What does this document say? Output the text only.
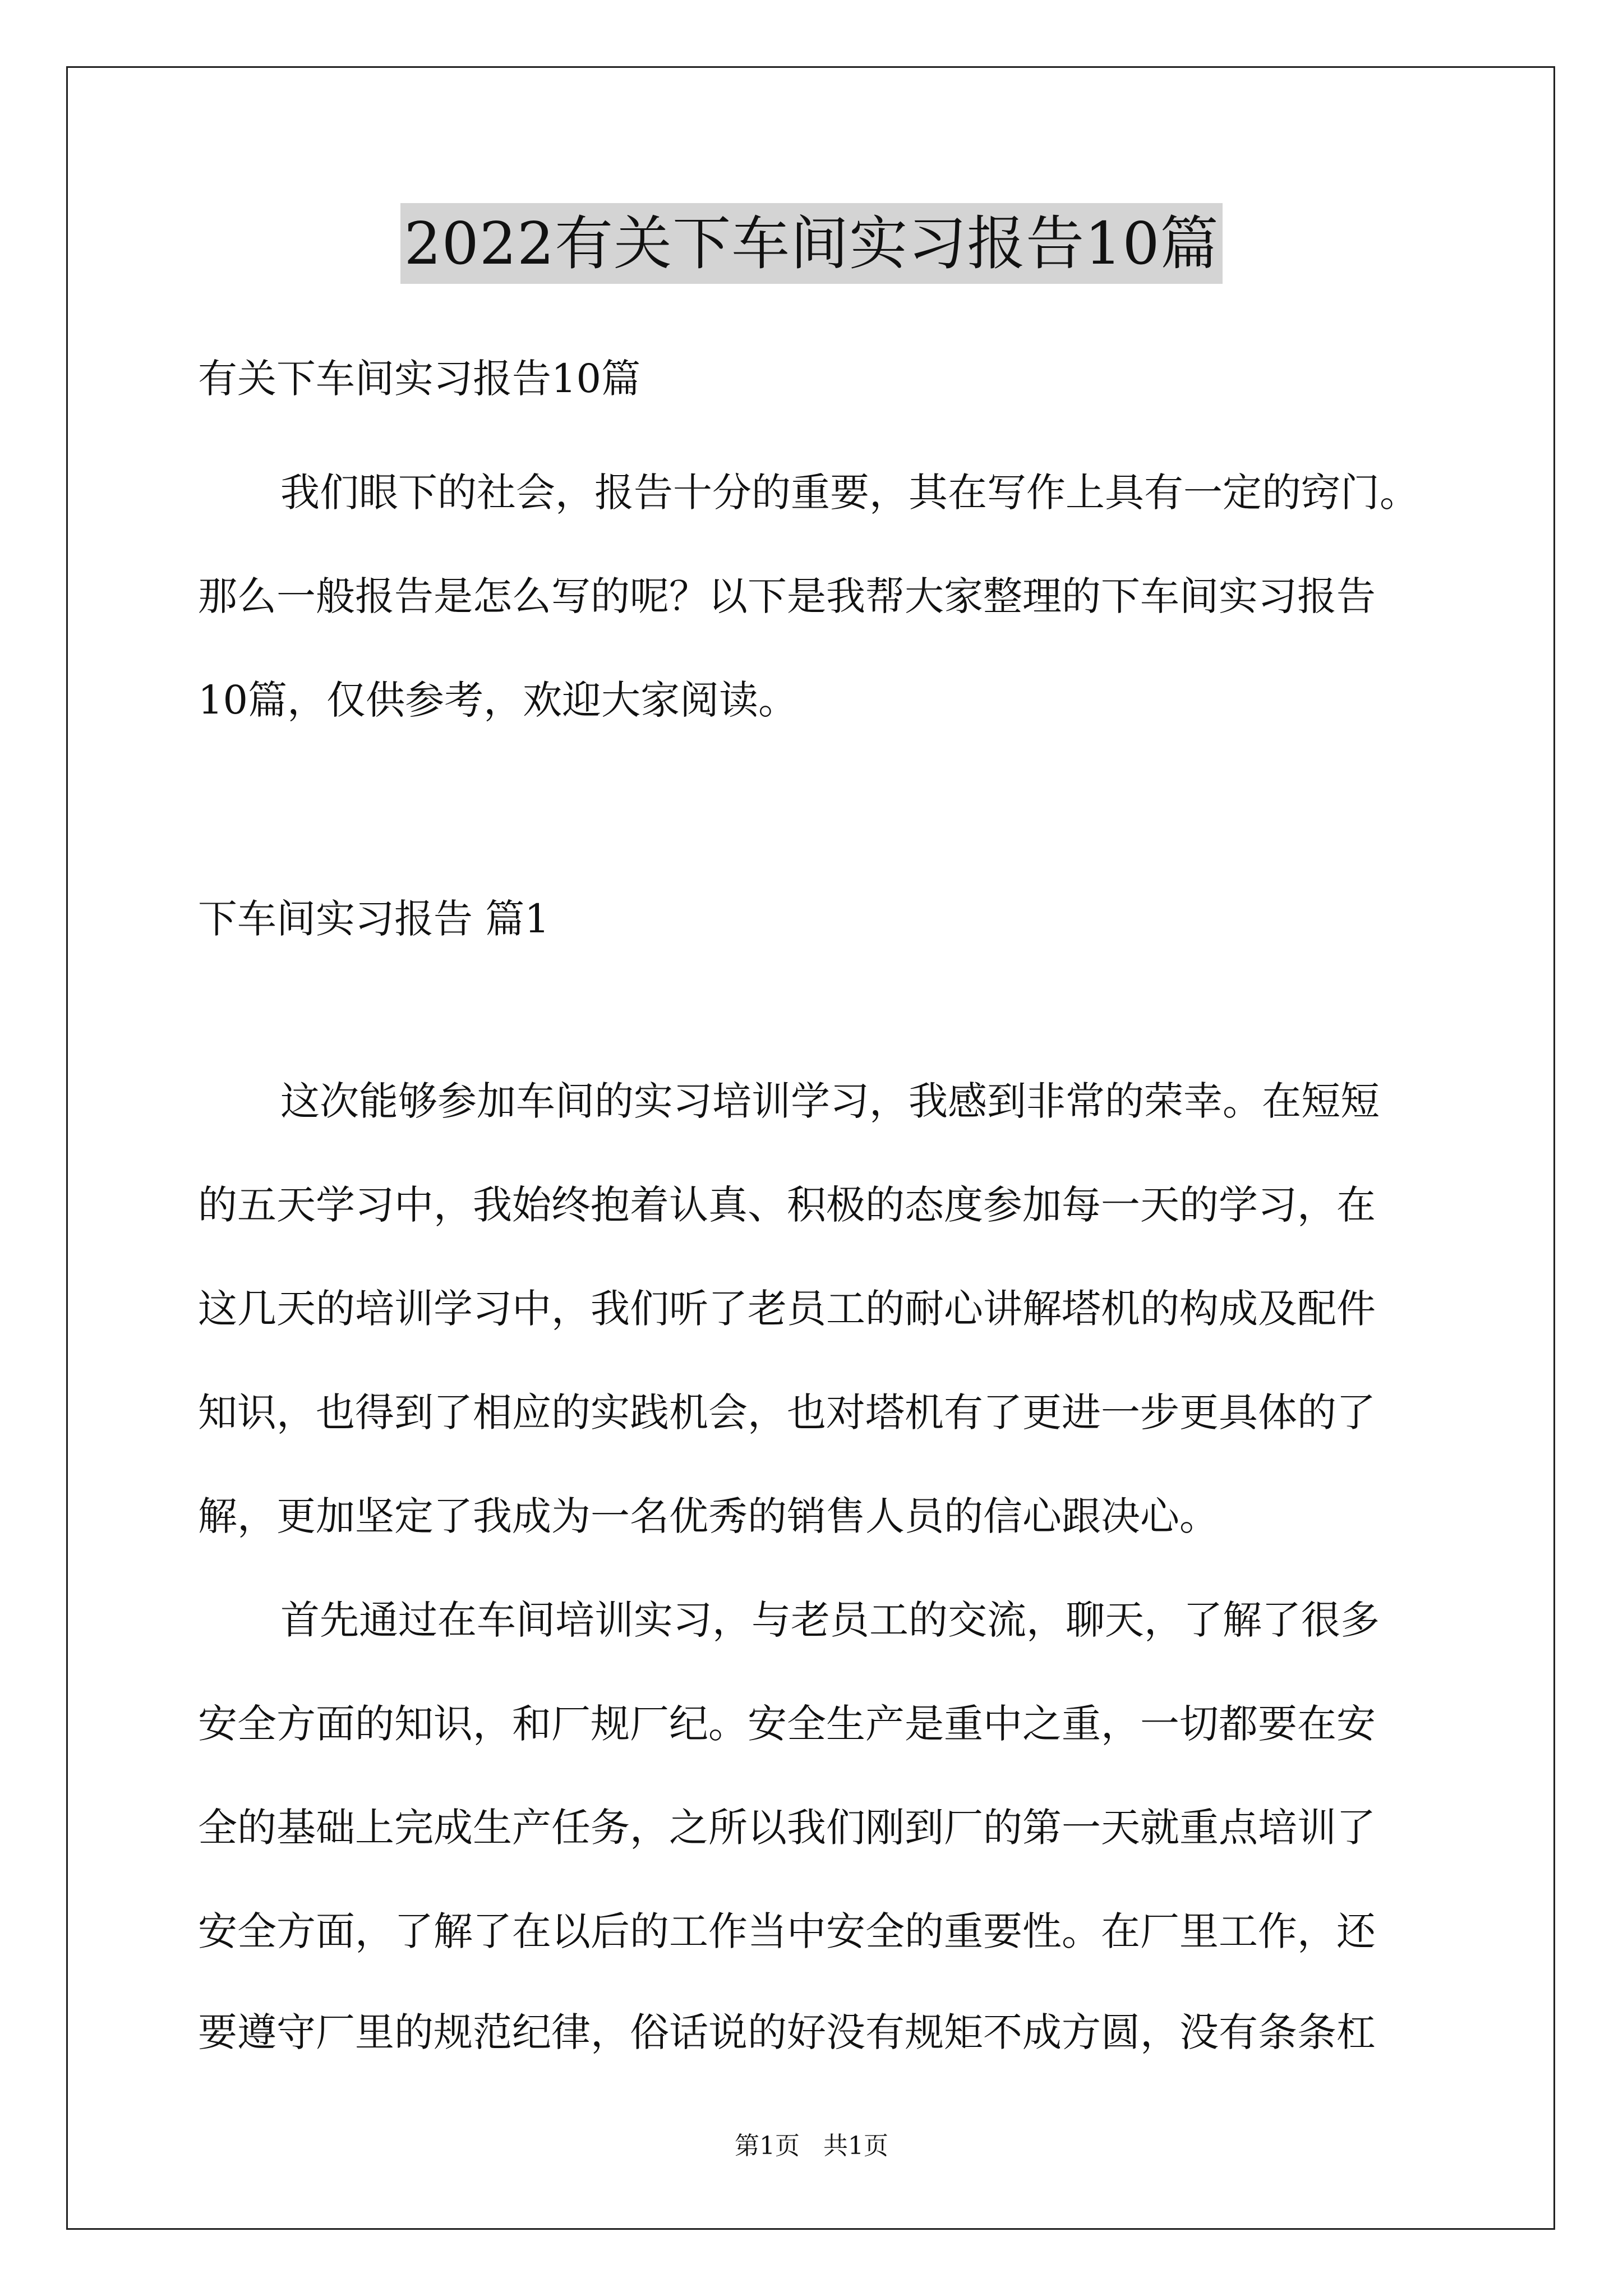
2022有关下车间实习报告10篇
有关下车间实习报告10篇
我们眼下的社会，报告十分的重要，其在写作上具有一定的窍门。
那么一般报告是怎么写的呢？以下是我帮大家整理的下车间实习报告
10篇，仅供参考，欢迎大家阅读。
下车间实习报告 篇1
这次能够参加车间的实习培训学习，我感到非常的荣幸。在短短
的五天学习中，我始终抱着认真、积极的态度参加每一天的学习，在
这几天的培训学习中，我们听了老员工的耐心讲解塔机的构成及配件
知识，也得到了相应的实践机会，也对塔机有了更进一步更具体的了
解，更加坚定了我成为一名优秀的销售人员的信心跟决心。
首先通过在车间培训实习，与老员工的交流，聊天，了解了很多
安全方面的知识，和厂规厂纪。安全生产是重中之重，一切都要在安
全的基础上完成生产任务，之所以我们刚到厂的第一天就重点培训了
安全方面，了解了在以后的工作当中安全的重要性。在厂里工作，还
第1页 共1页
要遵守厂里的规范纪律，俗话说的好没有规矩不成方圆，没有条条杠
